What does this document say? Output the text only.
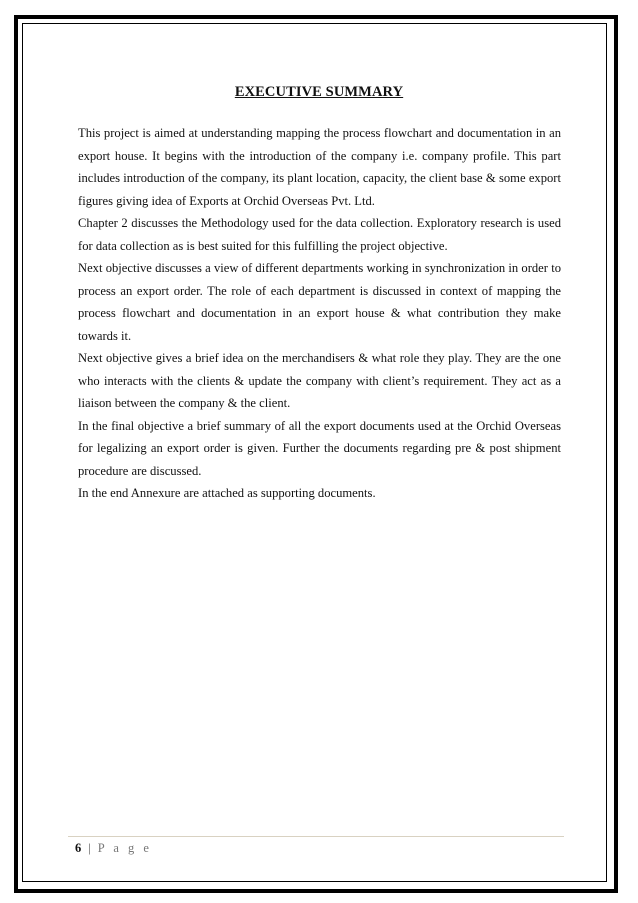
EXECUTIVE SUMMARY

This project is aimed at understanding mapping the process flowchart and documentation in an export house. It begins with the introduction of the company i.e. company profile. This part includes introduction of the company, its plant location, capacity, the client base & some export figures giving idea of Exports at Orchid Overseas Pvt. Ltd.

Chapter 2 discusses the Methodology used for the data collection. Exploratory research is used for data collection as is best suited for this fulfilling the project objective.

Next objective discusses a view of different departments working in synchronization in order to process an export order. The role of each department is discussed in context of mapping the process flowchart and documentation in an export house & what contribution they make towards it.

Next objective gives a brief idea on the merchandisers & what role they play. They are the one who interacts with the clients & update the company with client’s requirement. They act as a liaison between the company & the client.

In the final objective a brief summary of all the export documents used at the Orchid Overseas for legalizing an export order is given. Further the documents regarding pre & post shipment procedure are discussed.

In the end Annexure are attached as supporting documents.

6 | P a g e
